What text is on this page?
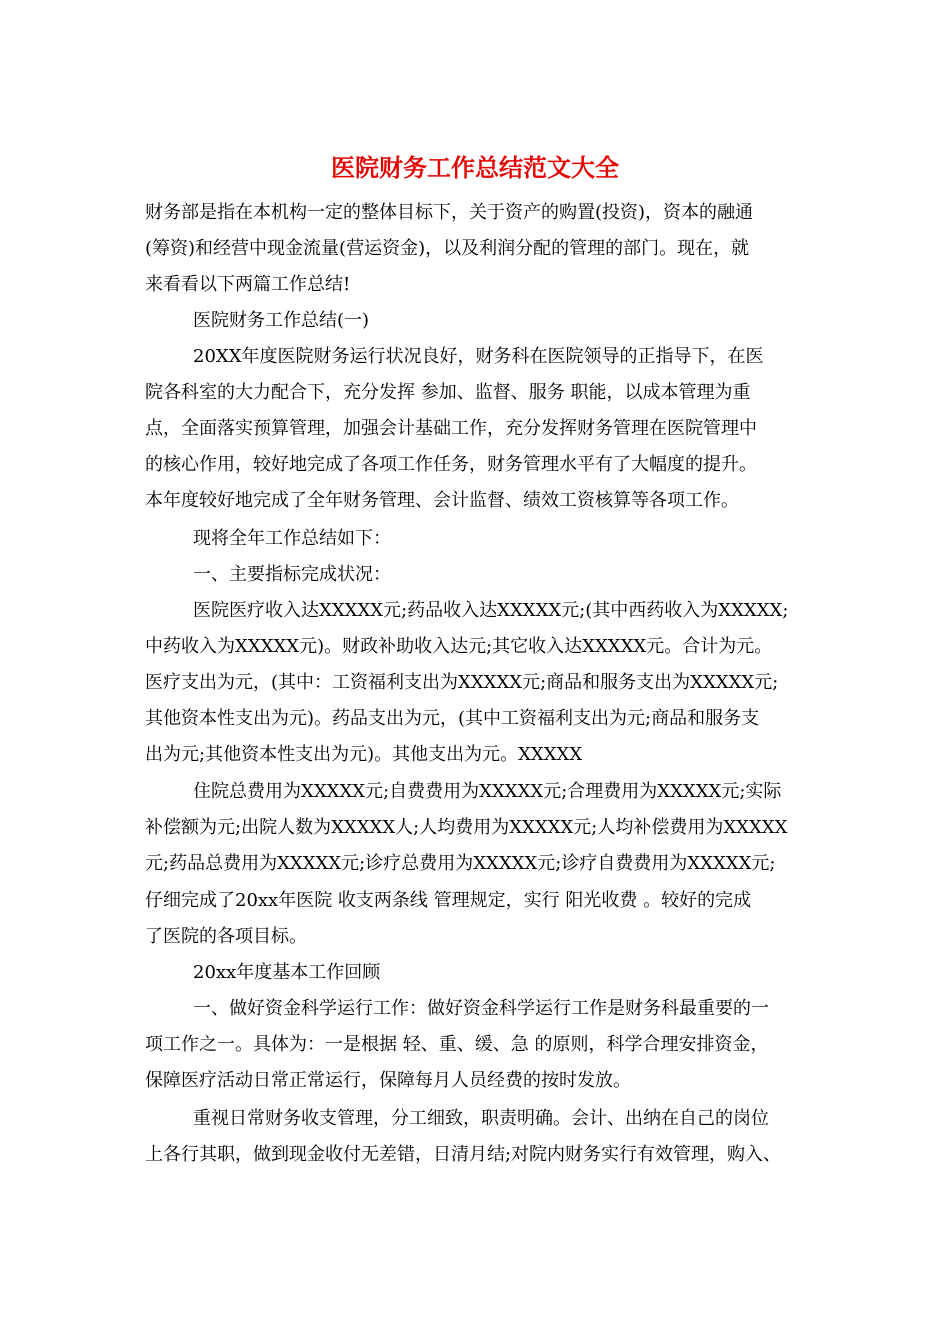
医院财务工作总结范文大全

财务部是指在本机构一定的整体目标下，关于资产的购置(投资)，资本的融通

(筹资)和经营中现金流量(营运资金)，以及利润分配的管理的部门。现在，就

来看看以下两篇工作总结!

医院财务工作总结(一)

20XX年度医院财务运行状况良好，财务科在医院领导的正指导下，在医

院各科室的大力配合下，充分发挥 参加、监督、服务 职能，以成本管理为重

点，全面落实预算管理，加强会计基础工作，充分发挥财务管理在医院管理中

的核心作用，较好地完成了各项工作任务，财务管理水平有了大幅度的提升。

本年度较好地完成了全年财务管理、会计监督、绩效工资核算等各项工作。

现将全年工作总结如下：

一、主要指标完成状况：

医院医疗收入达XXXXX元;药品收入达XXXXX元;(其中西药收入为XXXXX;

中药收入为XXXXX元)。财政补助收入达元;其它收入达XXXXX元。合计为元。

医疗支出为元，(其中：工资福利支出为XXXXX元;商品和服务支出为XXXXX元;

其他资本性支出为元)。药品支出为元，(其中工资福利支出为元;商品和服务支

出为元;其他资本性支出为元)。其他支出为元。XXXXX

住院总费用为XXXXX元;自费费用为XXXXX元;合理费用为XXXXX元;实际

补偿额为元;出院人数为XXXXX人;人均费用为XXXXX元;人均补偿费用为XXXXX

元;药品总费用为XXXXX元;诊疗总费用为XXXXX元;诊疗自费费用为XXXXX元;

仔细完成了20xx年医院 收支两条线 管理规定，实行 阳光收费 。较好的完成

了医院的各项目标。

20xx年度基本工作回顾

一、做好资金科学运行工作：做好资金科学运行工作是财务科最重要的一

项工作之一。具体为：一是根据 轻、重、缓、急 的原则，科学合理安排资金，

保障医疗活动日常正常运行，保障每月人员经费的按时发放。

重视日常财务收支管理，分工细致，职责明确。会计、出纳在自己的岗位

上各行其职，做到现金收付无差错，日清月结;对院内财务实行有效管理，购入、
